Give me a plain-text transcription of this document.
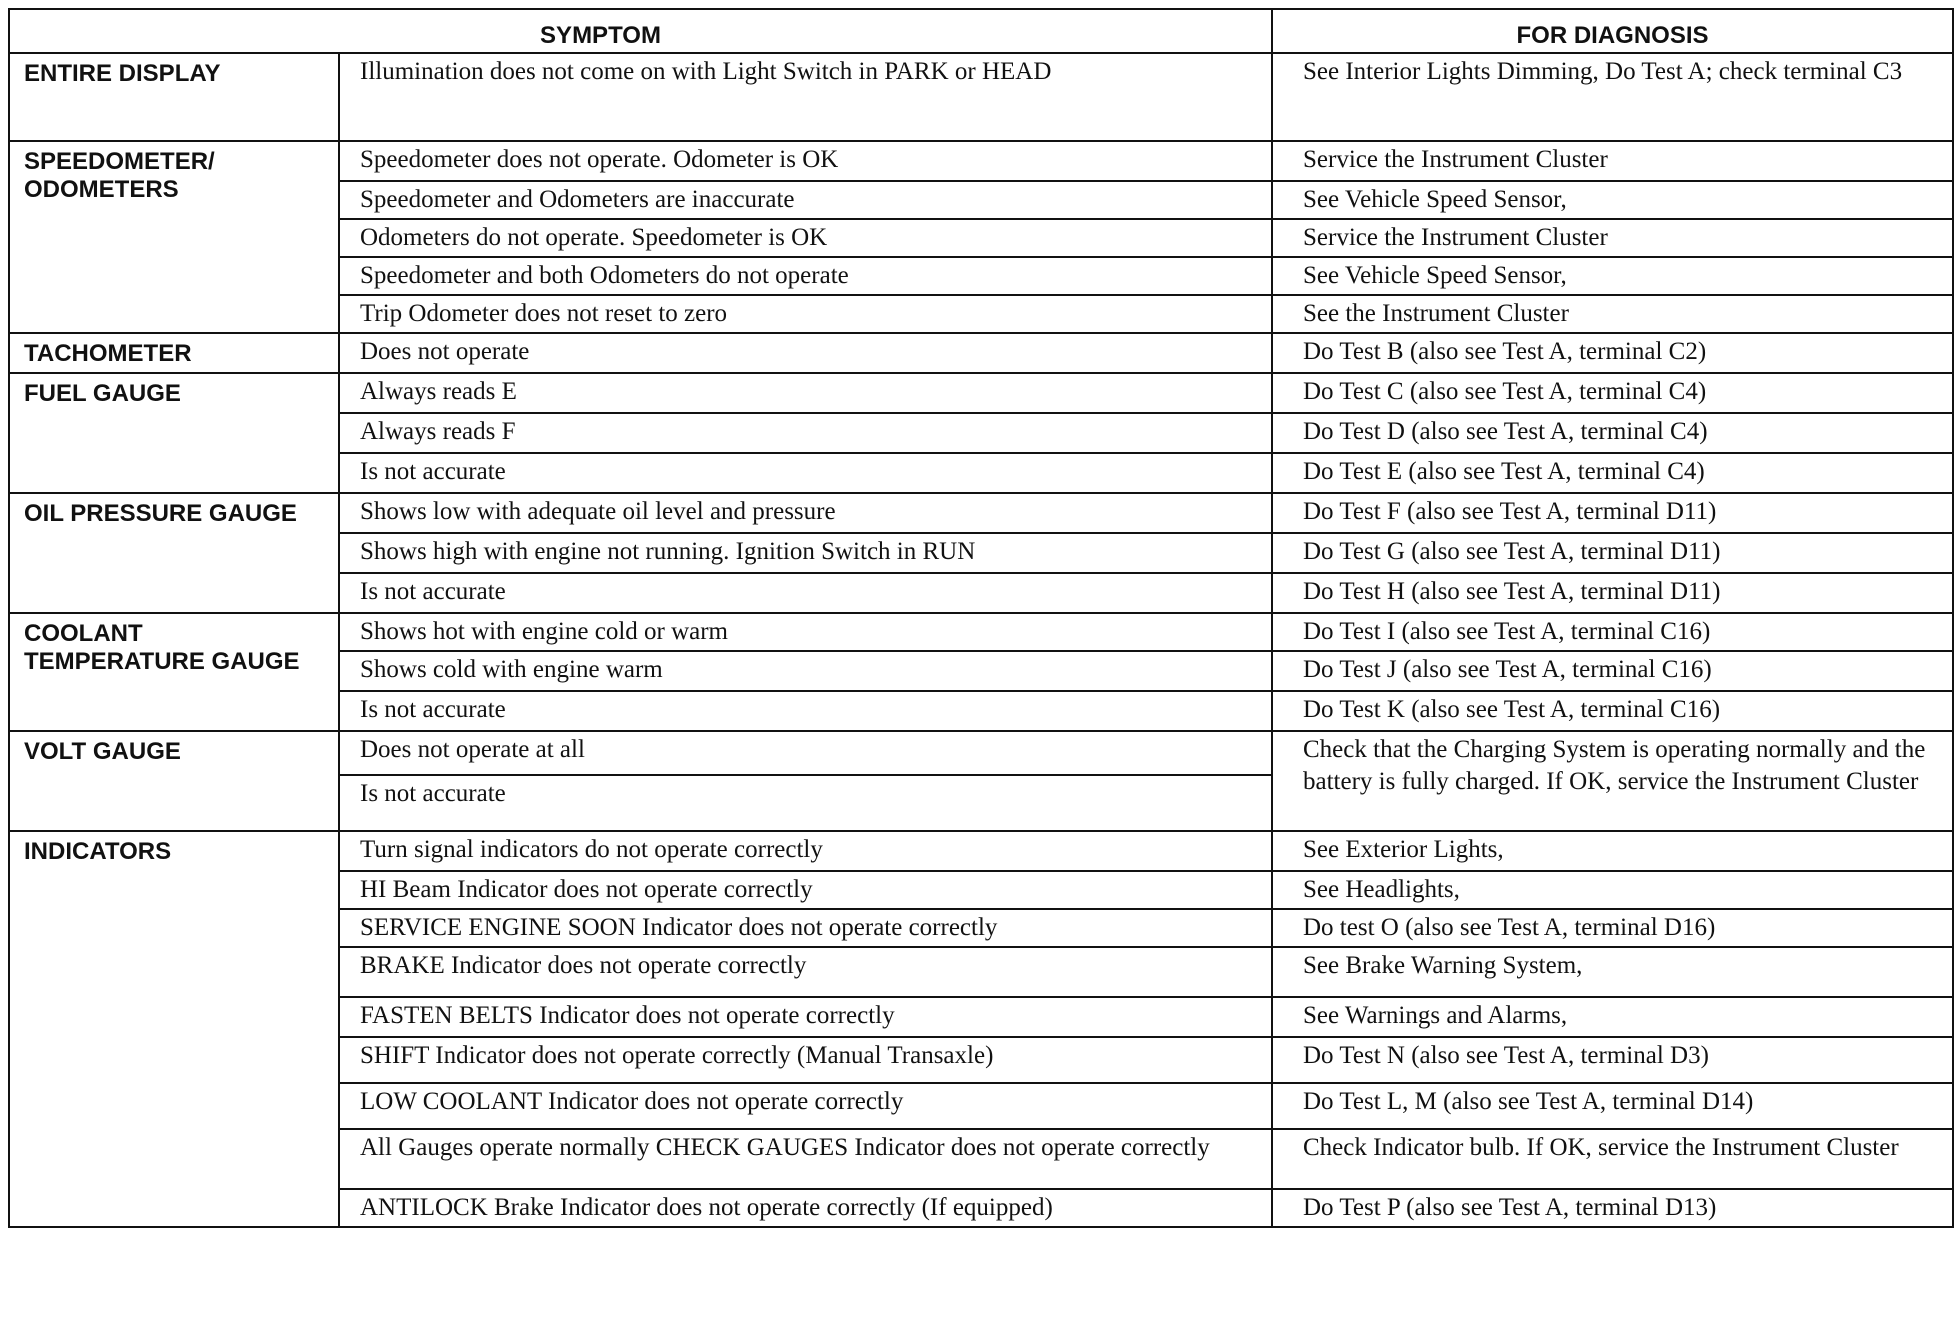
SYMPTOM		FOR DIAGNOSIS
ENTIRE DISPLAY	Illumination does not come on with Light Switch in PARK or HEAD	See Interior Lights Dimming, Do Test A; check terminal C3
SPEEDOMETER/ ODOMETERS	Speedometer does not operate. Odometer is OK	Service the Instrument Cluster
	Speedometer and Odometers are inaccurate	See Vehicle Speed Sensor,
	Odometers do not operate. Speedometer is OK	Service the Instrument Cluster
	Speedometer and both Odometers do not operate	See Vehicle Speed Sensor,
	Trip Odometer does not reset to zero	See the Instrument Cluster
TACHOMETER	Does not operate	Do Test B (also see Test A, terminal C2)
FUEL GAUGE	Always reads E	Do Test C (also see Test A, terminal C4)
	Always reads F	Do Test D (also see Test A, terminal C4)
	Is not accurate	Do Test E (also see Test A, terminal C4)
OIL PRESSURE GAUGE	Shows low with adequate oil level and pressure	Do Test F (also see Test A, terminal D11)
	Shows high with engine not running. Ignition Switch in RUN	Do Test G (also see Test A, terminal D11)
	Is not accurate	Do Test H (also see Test A, terminal D11)
COOLANT TEMPERATURE GAUGE	Shows hot with engine cold or warm	Do Test I (also see Test A, terminal C16)
	Shows cold with engine warm	Do Test J (also see Test A, terminal C16)
	Is not accurate	Do Test K (also see Test A, terminal C16)
VOLT GAUGE	Does not operate at all	Check that the Charging System is operating normally and the battery is fully charged. If OK, service the Instrument Cluster
	Is not accurate	
INDICATORS	Turn signal indicators do not operate correctly	See Exterior Lights,
	HI Beam Indicator does not operate correctly	See Headlights,
	SERVICE ENGINE SOON Indicator does not operate correctly	Do test O (also see Test A, terminal D16)
	BRAKE Indicator does not operate correctly	See Brake Warning System,
	FASTEN BELTS Indicator does not operate correctly	See Warnings and Alarms,
	SHIFT Indicator does not operate correctly (Manual Transaxle)	Do Test N (also see Test A, terminal D3)
	LOW COOLANT Indicator does not operate correctly	Do Test L, M (also see Test A, terminal D14)
	All Gauges operate normally CHECK GAUGES Indicator does not operate correctly	Check Indicator bulb. If OK, service the Instrument Cluster
	ANTILOCK Brake Indicator does not operate correctly (If equipped)	Do Test P (also see Test A, terminal D13)
